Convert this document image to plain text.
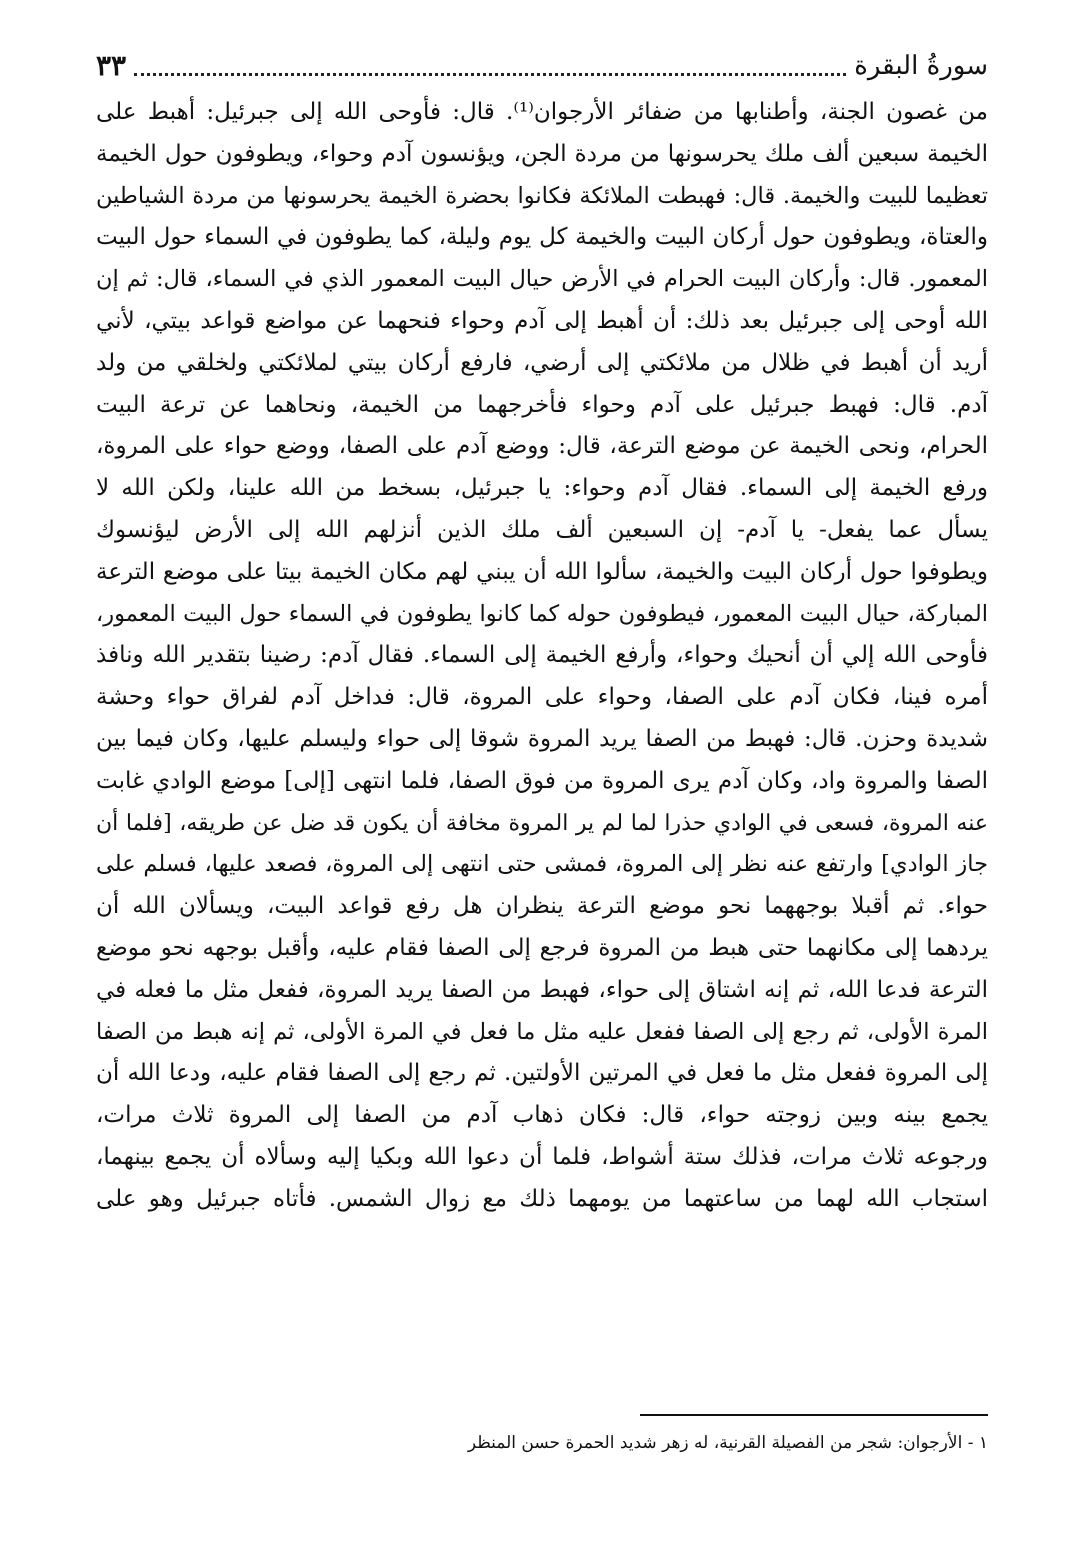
سورةُ البقرة
٣٣
من غصون الجنة، وأطنابها من ضفائر الأرجوان⁽¹⁾. قال: فأوحى الله إلى جبرئيل: أهبط على
الخيمة سبعين ألف ملك يحرسونها من مردة الجن، ويؤنسون آدم وحواء، ويطوفون حول الخيمة
تعظيما للبيت والخيمة. قال: فهبطت الملائكة فكانوا بحضرة الخيمة يحرسونها من مردة الشياطين
والعتاة، ويطوفون حول أركان البيت والخيمة كل يوم وليلة، كما يطوفون في السماء حول البيت
المعمور. قال: وأركان البيت الحرام في الأرض حيال البيت المعمور الذي في السماء، قال: ثم إن
الله أوحى إلى جبرئيل بعد ذلك: أن أهبط إلى آدم وحواء فنحهما عن مواضع قواعد بيتي، لأني
أريد أن أهبط في ظلال من ملائكتي إلى أرضي، فارفع أركان بيتي لملائكتي ولخلقي من ولد
آدم. قال: فهبط جبرئيل على آدم وحواء فأخرجهما من الخيمة، ونحاهما عن ترعة البيت
الحرام، ونحى الخيمة عن موضع الترعة، قال: ووضع آدم على الصفا، ووضع حواء على المروة،
ورفع الخيمة إلى السماء. فقال آدم وحواء: يا جبرئيل، بسخط من الله علينا، ولكن الله لا
يسأل عما يفعل- يا آدم- إن السبعين ألف ملك الذين أنزلهم الله إلى الأرض ليؤنسوك
ويطوفوا حول أركان البيت والخيمة، سألوا الله أن يبني لهم مكان الخيمة بيتا على موضع الترعة
المباركة، حيال البيت المعمور، فيطوفون حوله كما كانوا يطوفون في السماء حول البيت المعمور،
فأوحى الله إلي أن أنحيك وحواء، وأرفع الخيمة إلى السماء. فقال آدم: رضينا بتقدير الله ونافذ
أمره فينا، فكان آدم على الصفا، وحواء على المروة، قال: فداخل آدم لفراق حواء وحشة
شديدة وحزن. قال: فهبط من الصفا يريد المروة شوقا إلى حواء وليسلم عليها، وكان فيما بين
الصفا والمروة واد، وكان آدم يرى المروة من فوق الصفا، فلما انتهى [إلى] موضع الوادي غابت
عنه المروة، فسعى في الوادي حذرا لما لم ير المروة مخافة أن يكون قد ضل عن طريقه، [فلما أن
جاز الوادي] وارتفع عنه نظر إلى المروة، فمشى حتى انتهى إلى المروة، فصعد عليها، فسلم على
حواء. ثم أقبلا بوجههما نحو موضع الترعة ينظران هل رفع قواعد البيت، ويسألان الله أن
يردهما إلى مكانهما حتى هبط من المروة فرجع إلى الصفا فقام عليه، وأقبل بوجهه نحو موضع
الترعة فدعا الله، ثم إنه اشتاق إلى حواء، فهبط من الصفا يريد المروة، ففعل مثل ما فعله في
المرة الأولى، ثم رجع إلى الصفا ففعل عليه مثل ما فعل في المرة الأولى، ثم إنه هبط من الصفا
إلى المروة ففعل مثل ما فعل في المرتين الأولتين. ثم رجع إلى الصفا فقام عليه، ودعا الله أن
يجمع بينه وبين زوجته حواء، قال: فكان ذهاب آدم من الصفا إلى المروة ثلاث مرات،
ورجوعه ثلاث مرات، فذلك ستة أشواط، فلما أن دعوا الله وبكيا إليه وسألاه أن يجمع بينهما،
استجاب الله لهما من ساعتهما من يومهما ذلك مع زوال الشمس. فأتاه جبرئيل وهو على
١ - الأرجوان: شجر من الفصيلة القرنية، له زهر شديد الحمرة حسن المنظر
